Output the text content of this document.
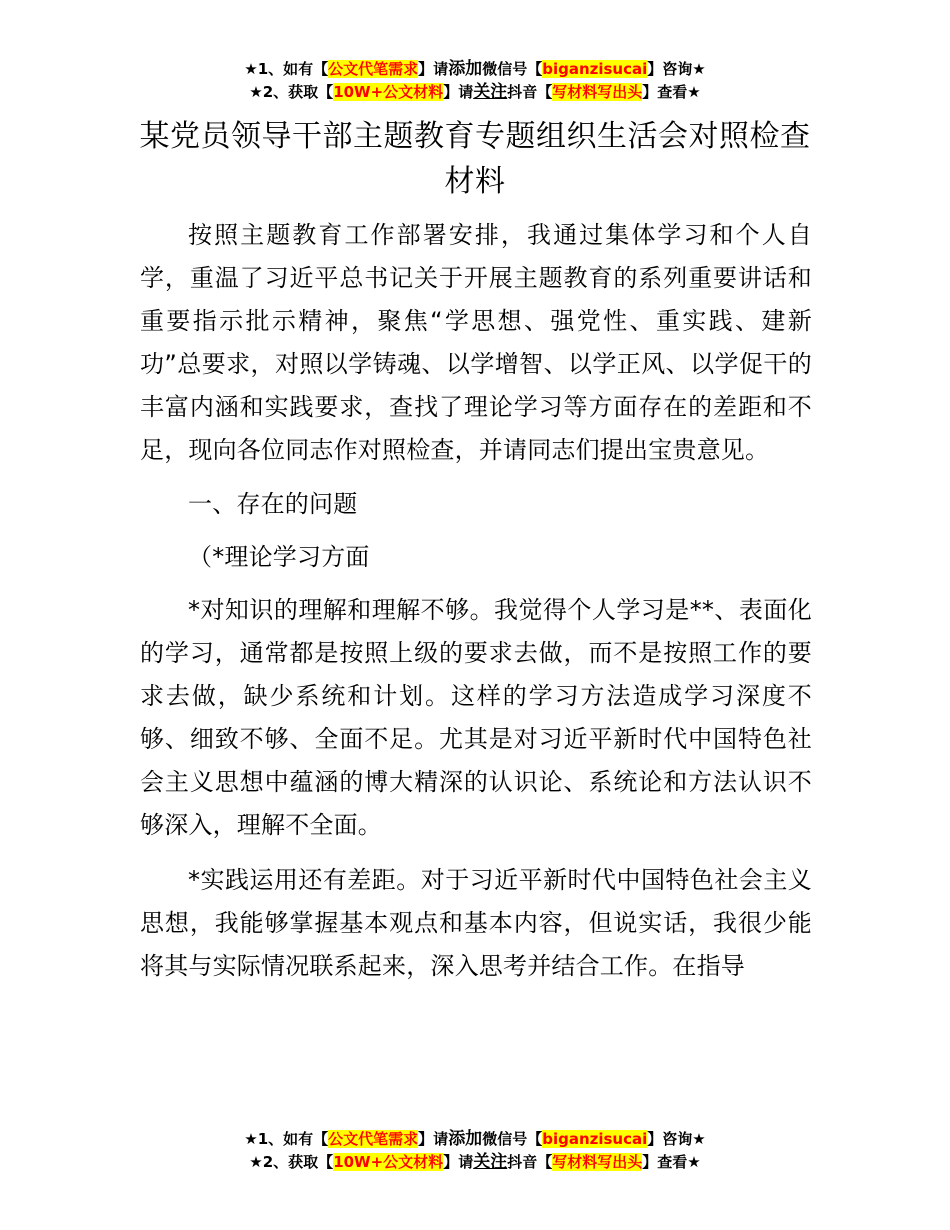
★1、如有【公文代笔需求】请添加微信号【biganzisucai】咨询★
★2、获取【10W+公文材料】请关注抖音【写材料写出头】查看★
某党员领导干部主题教育专题组织生活会对照检查材料

按照主题教育工作部署安排，我通过集体学习和个人自学，重温了习近平总书记关于开展主题教育的系列重要讲话和重要指示批示精神，聚焦“学思想、强党性、重实践、建新功”总要求，对照以学铸魂、以学增智、以学正风、以学促干的丰富内涵和实践要求，查找了理论学习等方面存在的差距和不足，现向各位同志作对照检查，并请同志们提出宝贵意见。

一、存在的问题

（*理论学习方面

*对知识的理解和理解不够。我觉得个人学习是**、表面化的学习，通常都是按照上级的要求去做，而不是按照工作的要求去做，缺少系统和计划。这样的学习方法造成学习深度不够、细致不够、全面不足。尤其是对习近平新时代中国特色社会主义思想中蕴涵的博大精深的认识论、系统论和方法认识不够深入，理解不全面。

*实践运用还有差距。对于习近平新时代中国特色社会主义思想，我能够掌握基本观点和基本内容，但说实话，我很少能将其与实际情况联系起来，深入思考并结合工作。在指导

★1、如有【公文代笔需求】请添加微信号【biganzisucai】咨询★
★2、获取【10W+公文材料】请关注抖音【写材料写出头】查看★
